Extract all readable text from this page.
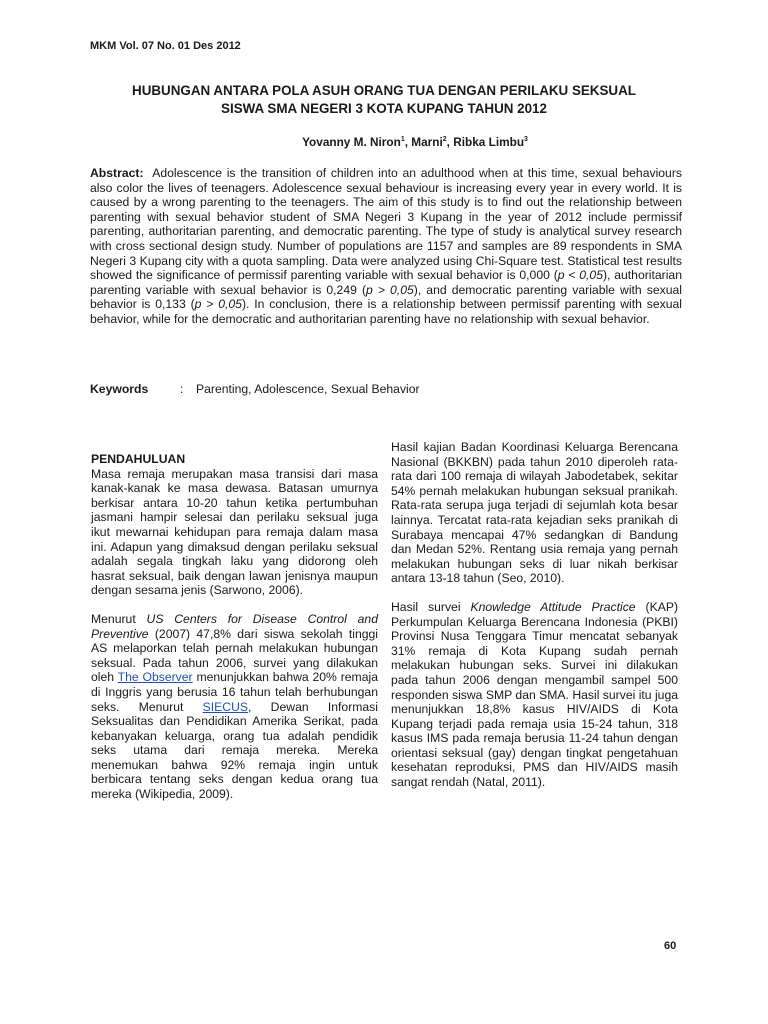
MKM Vol. 07 No. 01 Des 2012
HUBUNGAN ANTARA POLA ASUH ORANG TUA DENGAN PERILAKU SEKSUAL
SISWA SMA NEGERI 3 KOTA KUPANG TAHUN 2012
Yovanny M. Niron$^1$, Marni$^2$, Ribka Limbu$^3$
Abstract: Adolescence is the transition of children into an adulthood when at this time, sexual behaviours also color the lives of teenagers. Adolescence sexual behaviour is increasing every year in every world. It is caused by a wrong parenting to the teenagers. The aim of this study is to find out the relationship between parenting with sexual behavior student of SMA Negeri 3 Kupang in the year of 2012 include permissif parenting, authoritarian parenting, and democratic parenting. The type of study is analytical survey research with cross sectional design study. Number of populations are 1157 and samples are 89 respondents in SMA Negeri 3 Kupang city with a quota sampling. Data were analyzed using Chi-Square test. Statistical test results showed the significance of permissif parenting variable with sexual behavior is 0,000 (p < 0,05), authoritarian parenting variable with sexual behavior is 0,249 (p > 0,05), and democratic parenting variable with sexual behavior is 0,133 (p > 0,05). In conclusion, there is a relationship between permissif parenting with sexual behavior, while for the democratic and authoritarian parenting have no relationship with sexual behavior.
Keywords	:	Parenting, Adolescence, Sexual Behavior

PENDAHULUAN

Masa remaja merupakan masa transisi dari masa kanak-kanak ke masa dewasa. Batasan umurnya berkisar antara 10-20 tahun ketika pertumbuhan jasmani hampir selesai dan perilaku seksual juga ikut mewarnai kehidupan para remaja dalam masa ini. Adapun yang dimaksud dengan perilaku seksual adalah segala tingkah laku yang didorong oleh hasrat seksual, baik dengan lawan jenisnya maupun dengan sesama jenis (Sarwono, 2006).

Menurut US Centers for Disease Control and Preventive (2007) 47,8% dari siswa sekolah tinggi AS melaporkan telah pernah melakukan hubungan seksual. Pada tahun 2006, survei yang dilakukan oleh The Observer menunjukkan bahwa 20% remaja di Inggris yang berusia 16 tahun telah berhubungan seks. Menurut SIECUS, Dewan Informasi Seksualitas dan Pendidikan Amerika Serikat, pada kebanyakan keluarga, orang tua adalah pendidik seks utama dari remaja mereka. Mereka menemukan bahwa 92% remaja ingin untuk berbicara tentang seks dengan kedua orang tua mereka (Wikipedia, 2009).

Hasil kajian Badan Koordinasi Keluarga Berencana Nasional (BKKBN) pada tahun 2010 diperoleh rata-rata dari 100 remaja di wilayah Jabodetabek, sekitar 54% pernah melakukan hubungan seksual pranikah. Rata-rata serupa juga terjadi di sejumlah kota besar lainnya. Tercatat rata-rata kejadian seks pranikah di Surabaya mencapai 47% sedangkan di Bandung dan Medan 52%. Rentang usia remaja yang pernah melakukan hubungan seks di luar nikah berkisar antara 13-18 tahun (Seo, 2010).

Hasil survei Knowledge Attitude Practice (KAP) Perkumpulan Keluarga Berencana Indonesia (PKBI) Provinsi Nusa Tenggara Timur mencatat sebanyak 31% remaja di Kota Kupang sudah pernah melakukan hubungan seks. Survei ini dilakukan pada tahun 2006 dengan mengambil sampel 500 responden siswa SMP dan SMA. Hasil survei itu juga menunjukkan 18,8% kasus HIV/AIDS di Kota Kupang terjadi pada remaja usia 15-24 tahun, 318 kasus IMS pada remaja berusia 11-24 tahun dengan orientasi seksual (gay) dengan tingkat pengetahuan kesehatan reproduksi, PMS dan HIV/AIDS masih sangat rendah (Natal, 2011).

60
